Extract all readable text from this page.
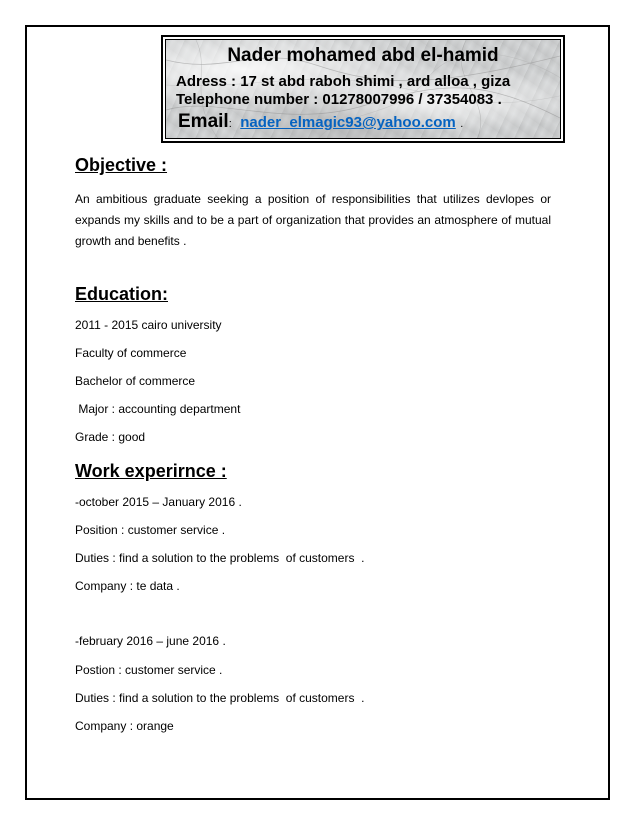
Nader mohamed abd el-hamid
Adress : 17 st abd raboh shimi , ard alloa , giza
Telephone number : 01278007996 / 37354083 .
Email: nader_elmagic93@yahoo.com .
Objective :
An ambitious graduate seeking a position of responsibilities that utilizes devlopes or expands my skills and to be a part of organization that provides an atmosphere of mutual growth and benefits .
Education:
2011 - 2015 cairo university
Faculty of commerce
Bachelor of commerce
Major : accounting department
Grade : good
Work experirnce :
-october 2015 – January 2016 .
Position : customer service .
Duties : find a solution to the problems  of customers  .
Company : te data .
-february 2016 – june 2016 .
Postion : customer service .
Duties : find a solution to the problems  of customers  .
Company : orange
